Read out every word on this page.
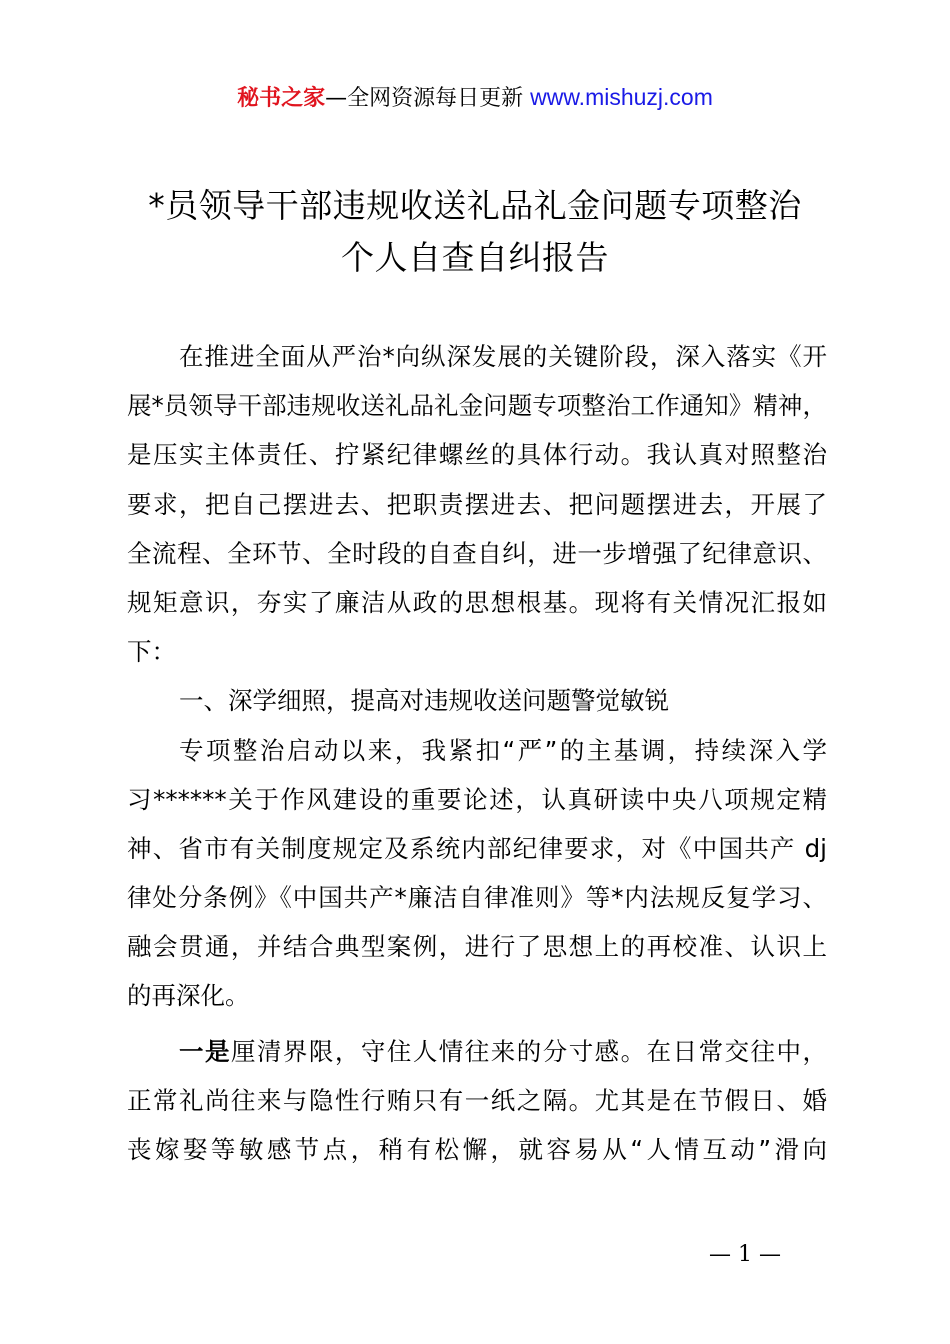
秘书之家—全网资源每日更新 www.mishuzj.com
*员领导干部违规收送礼品礼金问题专项整治
个人自查自纠报告
在推进全面从严治*向纵深发展的关键阶段，深入落实《开
展*员领导干部违规收送礼品礼金问题专项整治工作通知》精神，
是压实主体责任、拧紧纪律螺丝的具体行动。我认真对照整治
要求，把自己摆进去、把职责摆进去、把问题摆进去，开展了
全流程、全环节、全时段的自查自纠，进一步增强了纪律意识、
规矩意识，夯实了廉洁从政的思想根基。现将有关情况汇报如
下：
一、深学细照，提高对违规收送问题警觉敏锐
专项整治启动以来，我紧扣“严”的主基调，持续深入学
习******关于作风建设的重要论述，认真研读中央八项规定精
神、省市有关制度规定及系统内部纪律要求，对《中国共产 dj
律处分条例》《中国共产*廉洁自律准则》等*内法规反复学习、
融会贯通，并结合典型案例，进行了思想上的再校准、认识上
的再深化。
一是厘清界限，守住人情往来的分寸感。在日常交往中，
正常礼尚往来与隐性行贿只有一纸之隔。尤其是在节假日、婚
丧嫁娶等敏感节点，稍有松懈，就容易从“人情互动”滑向
— 1 —
